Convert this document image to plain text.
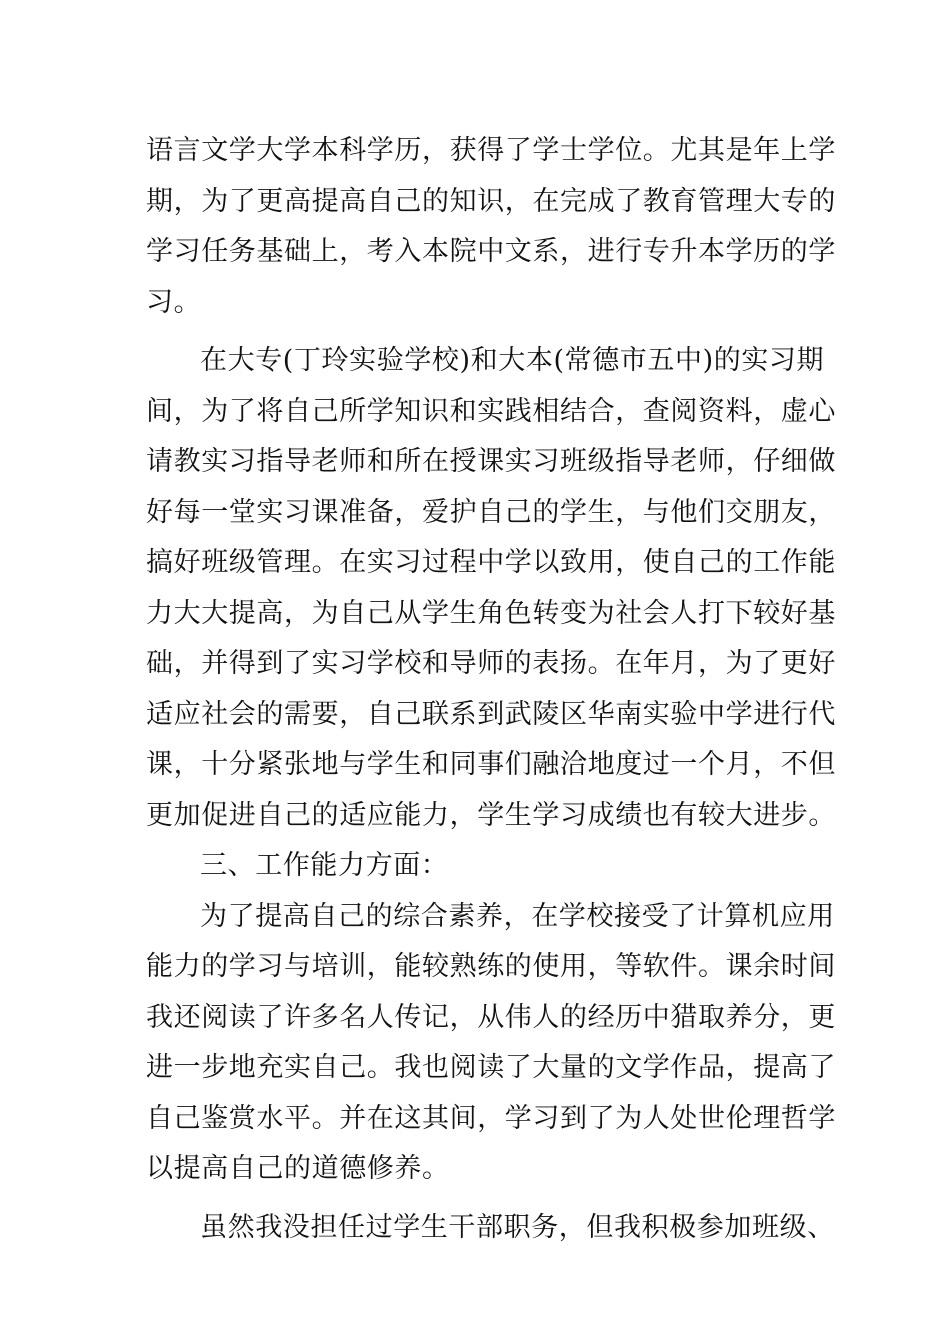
语言文学大学本科学历，获得了学士学位。尤其是年上学
期，为了更高提高自己的知识，在完成了教育管理大专的
学习任务基础上，考入本院中文系，进行专升本学历的学
习。
在大专(丁玲实验学校)和大本(常德市五中)的实习期
间，为了将自己所学知识和实践相结合，查阅资料，虚心
请教实习指导老师和所在授课实习班级指导老师，仔细做
好每一堂实习课准备，爱护自己的学生，与他们交朋友，
搞好班级管理。在实习过程中学以致用，使自己的工作能
力大大提高，为自己从学生角色转变为社会人打下较好基
础，并得到了实习学校和导师的表扬。在年月，为了更好
适应社会的需要，自己联系到武陵区华南实验中学进行代
课，十分紧张地与学生和同事们融洽地度过一个月，不但
更加促进自己的适应能力，学生学习成绩也有较大进步。
三、工作能力方面：
为了提高自己的综合素养，在学校接受了计算机应用
能力的学习与培训，能较熟练的使用，等软件。课余时间
我还阅读了许多名人传记，从伟人的经历中猎取养分，更
进一步地充实自己。我也阅读了大量的文学作品，提高了
自己鉴赏水平。并在这其间，学习到了为人处世伦理哲学
以提高自己的道德修养。
虽然我没担任过学生干部职务，但我积极参加班级、
